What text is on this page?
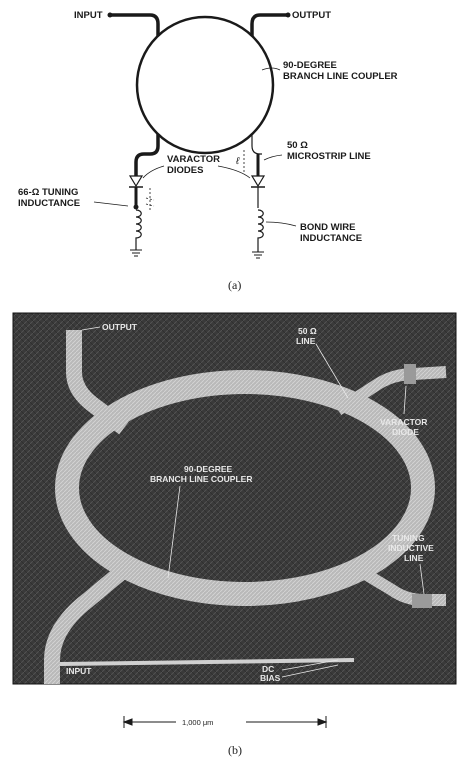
INPUT	OUTPUT
90-DEGREE
BRANCH LINE COUPLER
ℓ
50 Ω
MICROSTRIP LINE
VARACTOR
DIODES
66-Ω TUNING
INDUCTANCE
BOND WIRE
INDUCTANCE
(a)
OUTPUT	50 Ω
LINE
VARACTOR
DIODE
90-DEGREE
BRANCH LINE COUPLER
TUNING
INDUCTIVE
LINE
INPUT	DC
BIAS
1,000 μm
(b)
